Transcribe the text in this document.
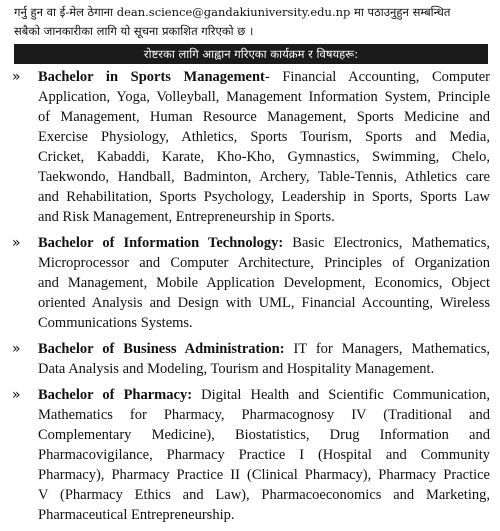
गर्नु हुन वा ई-मेल ठेगाना dean.science@gandakiuniversity.edu.np मा पठाउनुहुन सम्बन्धित
सबैको जानकारीका लागि यो सूचना प्रकाशित गरिएको छ ।
रोष्टरका लागि आह्वान गरिएका कार्यक्रम र विषयहरू:
» Bachelor in Sports Management- Financial Accounting, Computer
Application, Yoga, Volleyball, Management Information System, Principle
of Management, Human Resource Management, Sports Medicine and
Exercise Physiology, Athletics, Sports Tourism, Sports and Media,
Cricket, Kabaddi, Karate, Kho-Kho, Gymnastics, Swimming, Chelo,
Taekwondo, Handball, Badminton, Archery, Table-Tennis, Athletics care
and Rehabilitation, Sports Psychology, Leadership in Sports, Sports Law
and Risk Management, Entrepreneurship in Sports.
» Bachelor of Information Technology: Basic Electronics, Mathematics,
Microprocessor and Computer Architecture, Principles of Organization
and Management, Mobile Application Development, Economics, Object
oriented Analysis and Design with UML, Financial Accounting, Wireless
Communications Systems.
» Bachelor of Business Administration: IT for Managers, Mathematics,
Data Analysis and Modeling, Tourism and Hospitality Management.
» Bachelor of Pharmacy: Digital Health and Scientific Communication,
Mathematics for Pharmacy, Pharmacognosy IV (Traditional and
Complementary Medicine), Biostatistics, Drug Information and
Pharmacovigilance, Pharmacy Practice I (Hospital and Community
Pharmacy), Pharmacy Practice II (Clinical Pharmacy), Pharmacy Practice
V (Pharmacy Ethics and Law), Pharmacoeconomics and Marketing,
Pharmaceutical Entrepreneurship.
